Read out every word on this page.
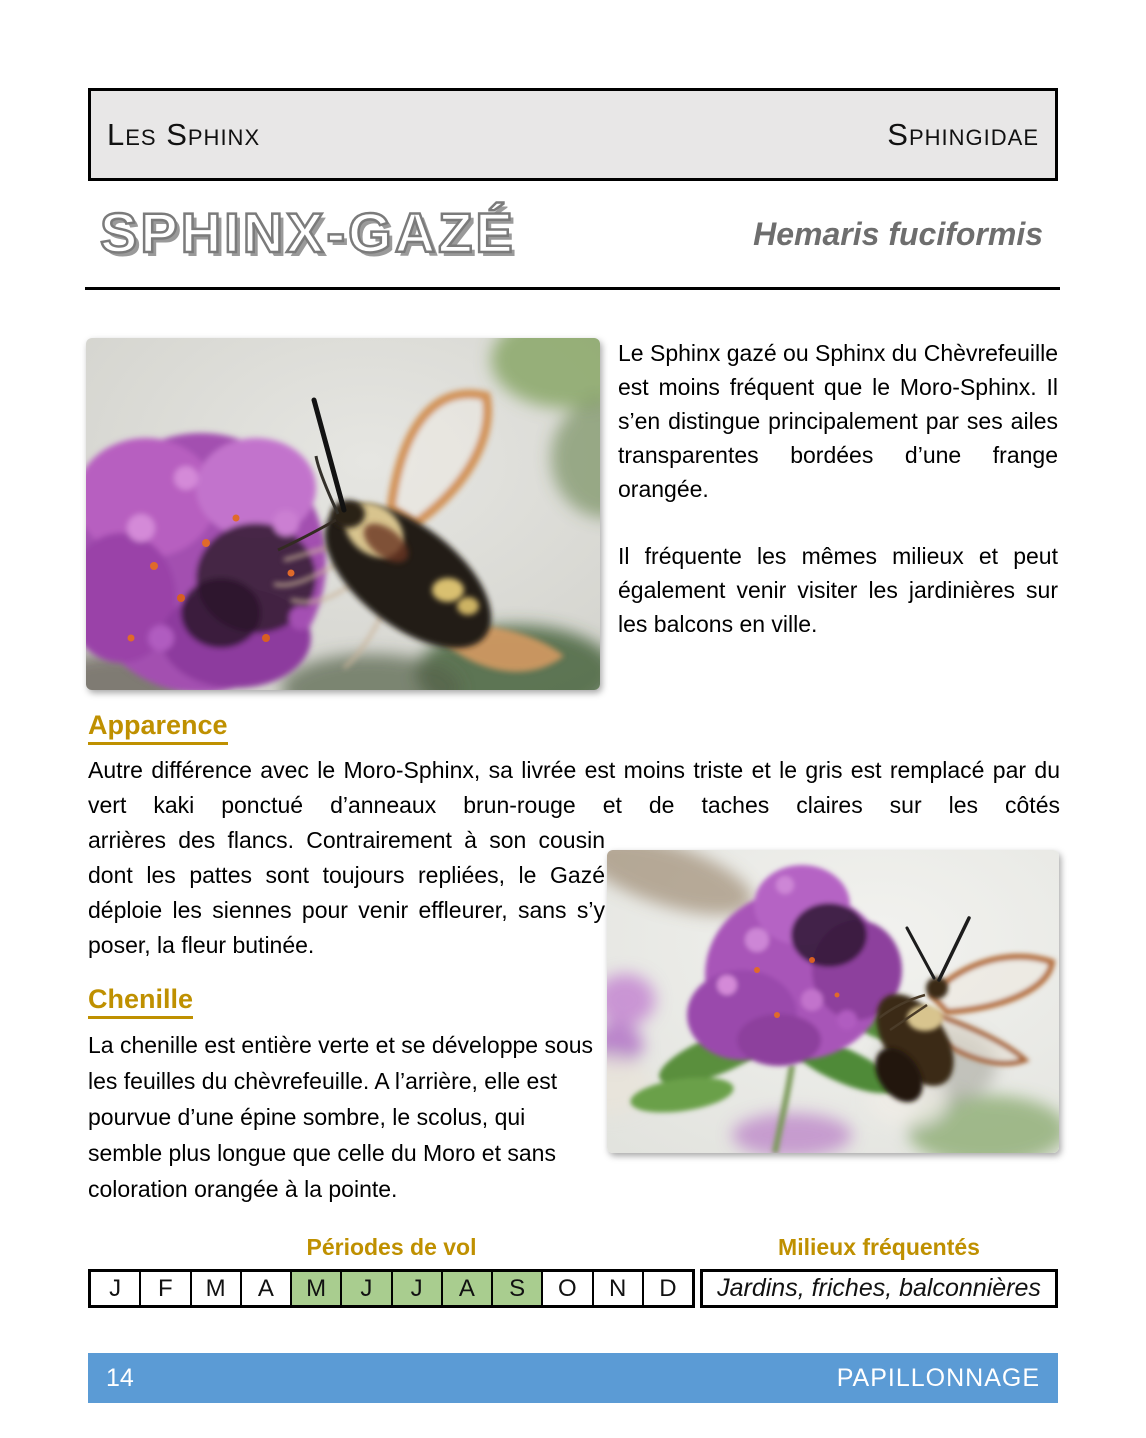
Les Sphinx	Sphingidae
SPHINX-GAZÉ	Hemaris fuciformis

Le Sphinx gazé ou Sphinx du Chèvrefeuille est moins fréquent que le Moro-Sphinx. Il s’en distingue principalement par ses ailes transparentes bordées d’une frange orangée.

Il fréquente les mêmes milieux et peut également venir visiter les jardinières sur les balcons en ville.

Apparence
Autre différence avec le Moro-Sphinx, sa livrée est moins triste et le gris est remplacé par du vert kaki ponctué d’anneaux brun-rouge et de taches claires sur les côtés
arrières des flancs. Contrairement à son cousin dont les pattes sont toujours repliées, le Gazé déploie les siennes pour venir effleurer, sans s’y poser, la fleur butinée.
Chenille
La chenille est entière verte et se développe sous les feuilles du chèvrefeuille. A l’arrière, elle est pourvue d’une épine sombre, le scolus, qui semble plus longue que celle du Moro et sans coloration orangée à la pointe.
Périodes de vol	Milieux fréquentés
J	F	M	A	M	J	J	A	S	O	N	D	Jardins, friches, balconnières
14	PAPILLONNAGE
